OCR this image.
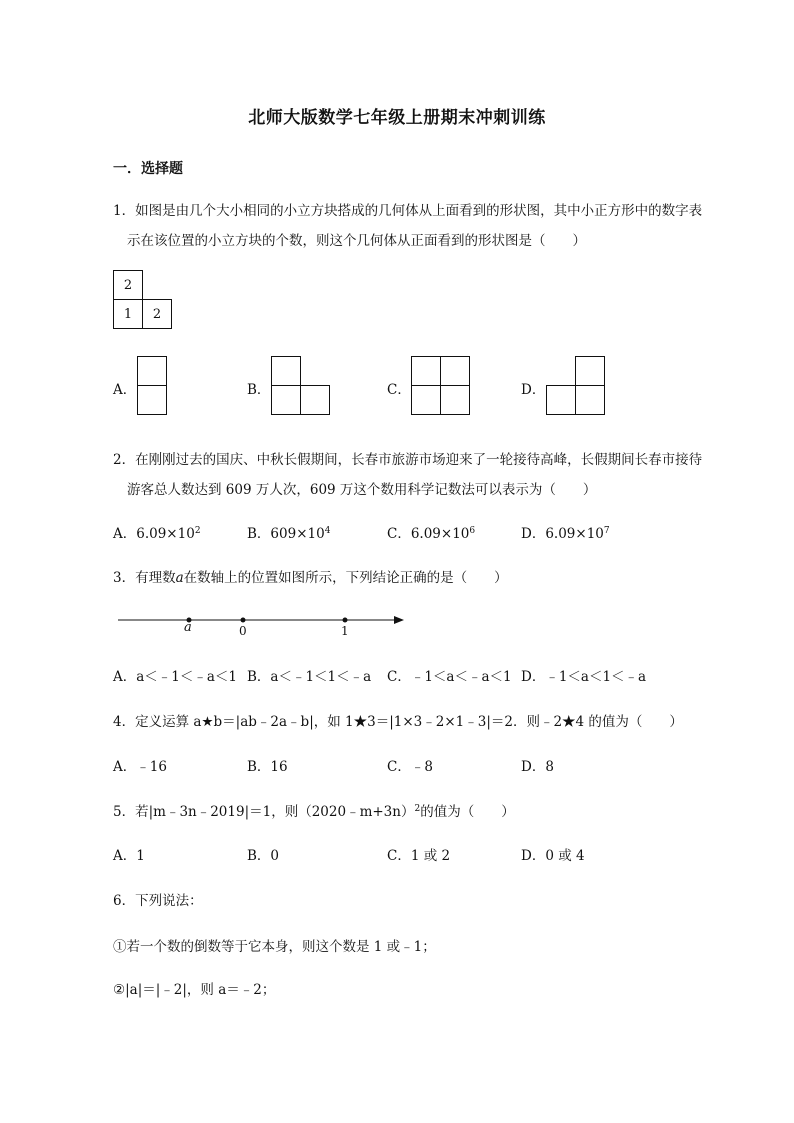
北师大版数学七年级上册期末冲刺训练
一．选择题
1．如图是由几个大小相同的小立方块搭成的几何体从上面看到的形状图，其中小正方形中的数字表
示在该位置的小立方块的个数，则这个几何体从正面看到的形状图是（　　）
2
1	2
A．	B．	C．	D．
2．在刚刚过去的国庆、中秋长假期间，长春市旅游市场迎来了一轮接待高峰，长假期间长春市接待
游客总人数达到 609 万人次，609 万这个数用科学记数法可以表示为（　　）
A．$6.09\times 10^2$	B．$609\times 10^4$	C．$6.09\times 10^6$	D．$6.09\times 10^7$
3．有理数a在数轴上的位置如图所示，下列结论正确的是（　　）
a	0	1
A．a＜﹣1＜﹣a＜1 B．a＜﹣1＜1＜﹣a C．﹣1＜a＜﹣a＜1 D．﹣1＜a＜1＜﹣a
4．定义运算 a★b＝|ab﹣2a﹣b|，如 1★3＝|1×3﹣2×1﹣3|＝2．则﹣2★4 的值为（　　）
A．﹣16	B．16	C．﹣8	D．8
5．若|m﹣3n﹣2019|＝1，则（2020﹣m+3n）$^2$的值为（　　）
A．1	B．0	C．1 或 2	D．0 或 4
6．下列说法：
①若一个数的倒数等于它本身，则这个数是 1 或﹣1；
②|a|＝|﹣2|，则 a＝﹣2；
